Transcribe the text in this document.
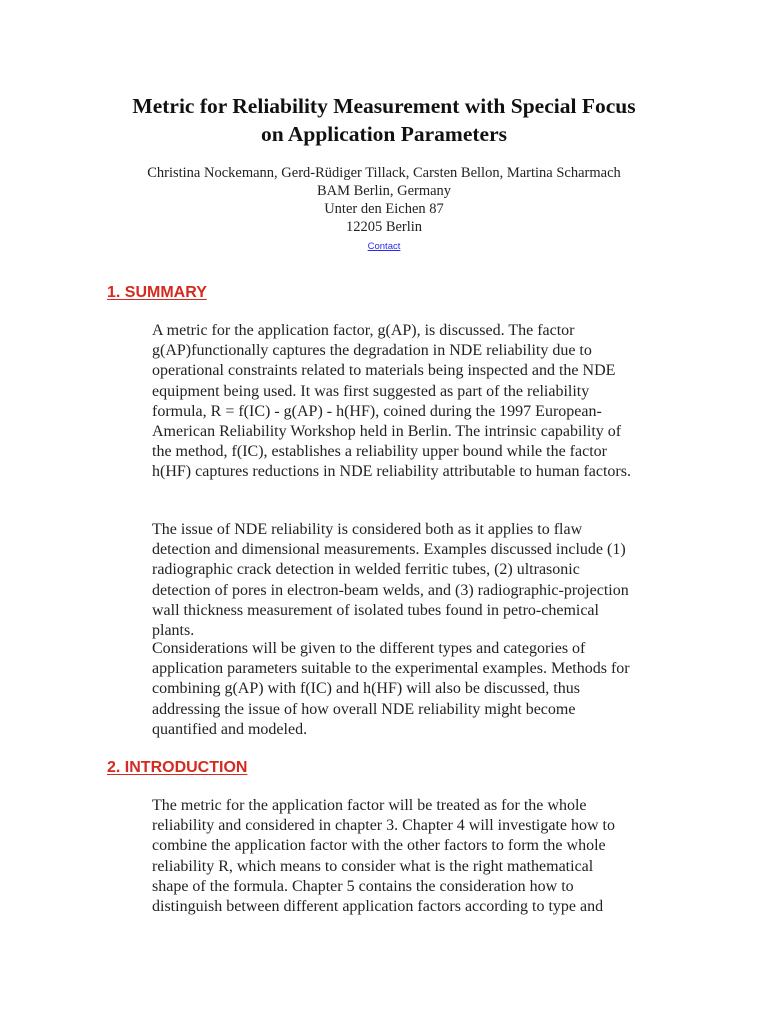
Metric for Reliability Measurement with Special Focus
on Application Parameters
Christina Nockemann, Gerd-Rüdiger Tillack, Carsten Bellon, Martina Scharmach
BAM Berlin, Germany
Unter den Eichen 87
12205 Berlin
Contact
1. SUMMARY

A metric for the application factor, g(AP), is discussed. The factor
g(AP)functionally captures the degradation in NDE reliability due to
operational constraints related to materials being inspected and the NDE
equipment being used. It was first suggested as part of the reliability
formula, R = f(IC) - g(AP) - h(HF), coined during the 1997 European-
American Reliability Workshop held in Berlin. The intrinsic capability of
the method, f(IC), establishes a reliability upper bound while the factor
h(HF) captures reductions in NDE reliability attributable to human factors.

The issue of NDE reliability is considered both as it applies to flaw
detection and dimensional measurements. Examples discussed include (1)
radiographic crack detection in welded ferritic tubes, (2) ultrasonic
detection of pores in electron-beam welds, and (3) radiographic-projection
wall thickness measurement of isolated tubes found in petro-chemical
plants.

Considerations will be given to the different types and categories of
application parameters suitable to the experimental examples. Methods for
combining g(AP) with f(IC) and h(HF) will also be discussed, thus
addressing the issue of how overall NDE reliability might become
quantified and modeled.

2. INTRODUCTION

The metric for the application factor will be treated as for the whole
reliability and considered in chapter 3. Chapter 4 will investigate how to
combine the application factor with the other factors to form the whole
reliability R, which means to consider what is the right mathematical
shape of the formula. Chapter 5 contains the consideration how to
distinguish between different application factors according to type and
